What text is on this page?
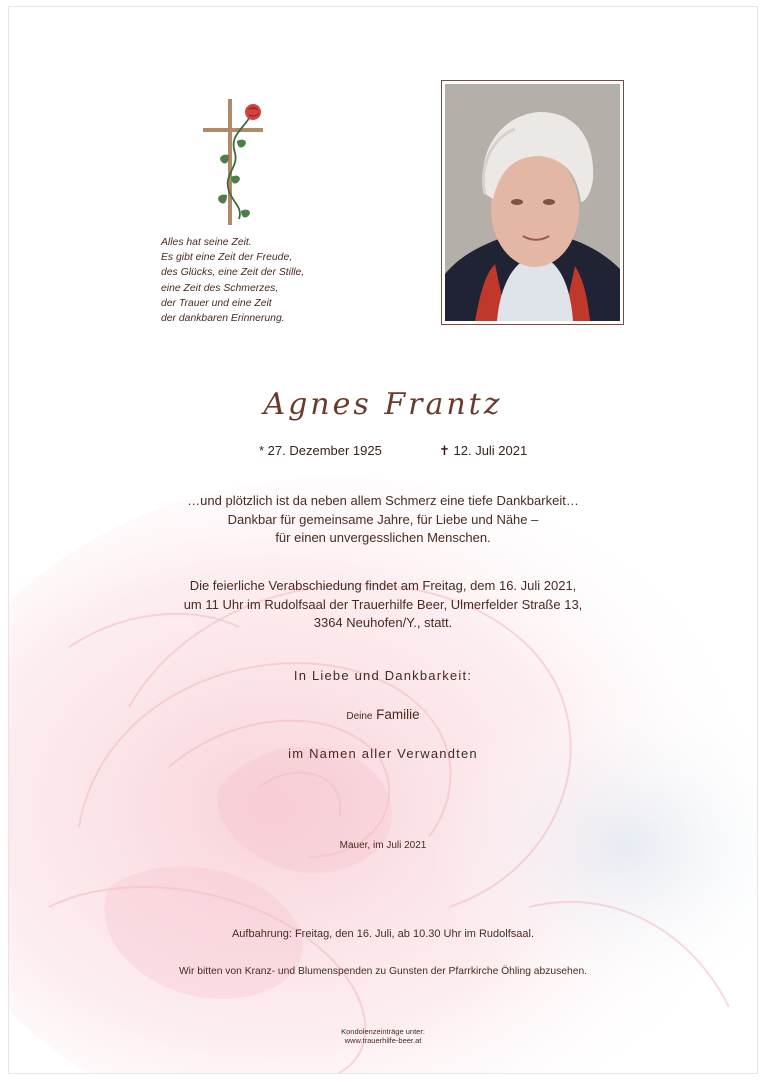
Alles hat seine Zeit.
Es gibt eine Zeit der Freude,
des Glücks, eine Zeit der Stille,
eine Zeit des Schmerzes,
der Trauer und eine Zeit
der dankbaren Erinnerung.
Agnes Frantz
* 27. Dezember 1925	✝ 12. Juli 2021
…und plötzlich ist da neben allem Schmerz eine tiefe Dankbarkeit…
Dankbar für gemeinsame Jahre, für Liebe und Nähe –
für einen unvergesslichen Menschen.
Die feierliche Verabschiedung findet am Freitag, dem 16. Juli 2021,
um 11 Uhr im Rudolfsaal der Trauerhilfe Beer, Ulmerfelder Straße 13,
3364 Neuhofen/Y., statt.
In Liebe und Dankbarkeit:
Deine Familie
im Namen aller Verwandten
Mauer, im Juli 2021
Aufbahrung: Freitag, den 16. Juli, ab 10.30 Uhr im Rudolfsaal.
Wir bitten von Kranz- und Blumenspenden zu Gunsten der Pfarrkirche Öhling abzusehen.
Kondolenzeinträge unter:
www.trauerhilfe-beer.at
